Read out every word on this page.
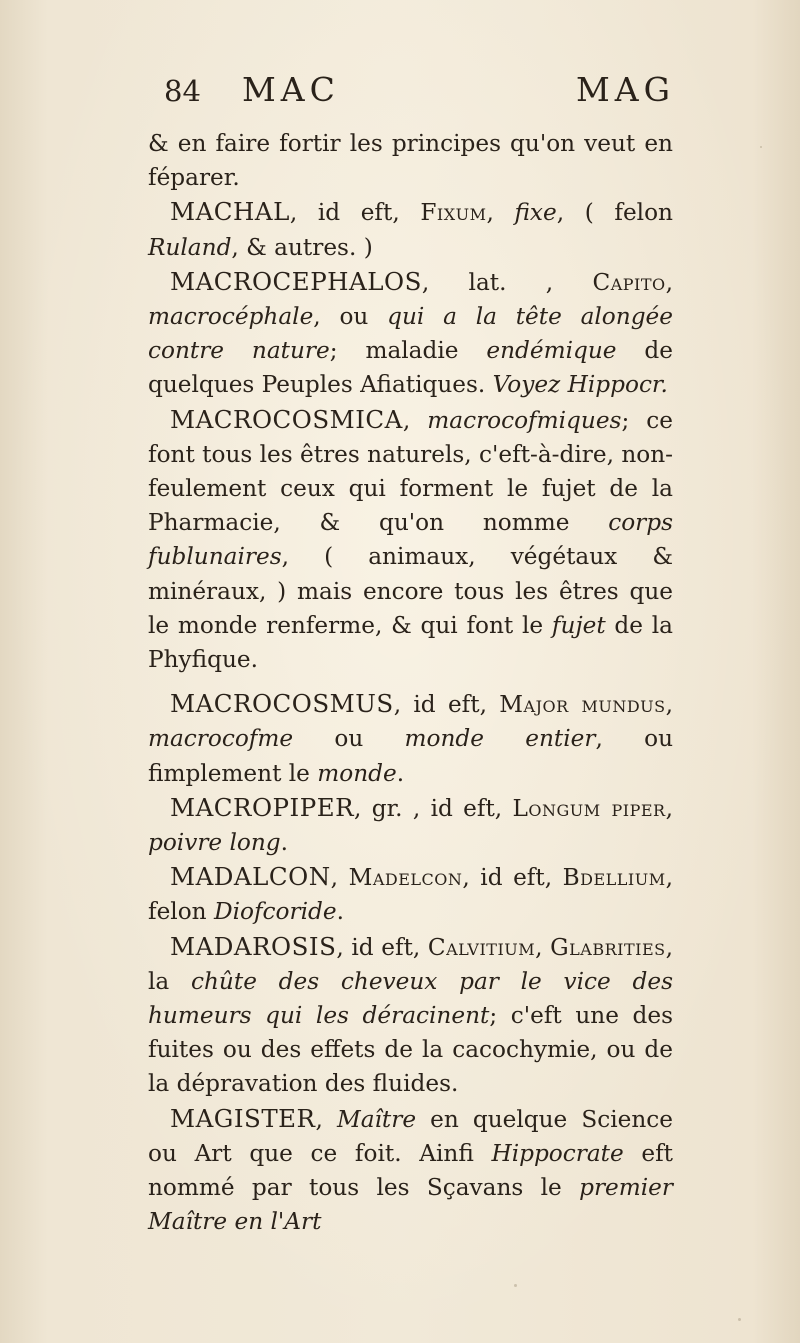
84 MAC	MAG

& en faire fortir les principes qu'on veut en féparer.

MACHAL, id eft, Fixum, fixe, ( felon Ruland, & autres. )

MACROCEPHALOS, lat. , Capito, macrocéphale, ou qui a la tête alongée contre nature; maladie endémique de quelques Peuples Afiatiques. Voyez Hippocr.

MACROCOSMICA, macrocofmiques; ce font tous les êtres naturels, c'eft-à-dire, non-feulement ceux qui forment le fujet de la Pharmacie, & qu'on nomme corps fublunaires, ( animaux, végétaux & minéraux, ) mais encore tous les êtres que le monde renferme, & qui font le fujet de la Phyfique.

MACROCOSMUS, id eft, Major mundus, macrocofme ou monde entier, ou fimplement le monde.

MACROPIPER, gr. , id eft, Longum piper, poivre long.

MADALCON, Madelcon, id eft, Bdellium, felon Diofcoride.

MADAROSIS, id eft, Calvitium, Glabrities, la chûte des cheveux par le vice des humeurs qui les déracinent; c'eft une des fuites ou des effets de la cacochymie, ou de la dépravation des fluides.

MAGISTER, Maître en quelque Science ou Art que ce foit. Ainfi Hippocrate eft nommé par tous les Sçavans le premier Maître en l'Art
